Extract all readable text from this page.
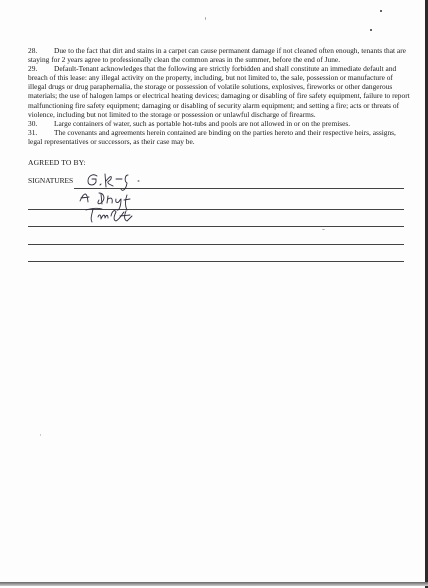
28. Due to the fact that dirt and stains in a carpet can cause permanent damage if not cleaned often enough, tenants that are staying for 2 years agree to professionally clean the common areas in the summer, before the end of June.

29. Default-Tenant acknowledges that the following are strictly forbidden and shall constitute an immediate default and breach of this lease: any illegal activity on the property, including, but not limited to, the sale, possession or manufacture of illegal drugs or drug paraphernalia, the storage or possession of volatile solutions, explosives, fireworks or other dangerous materials; the use of halogen lamps or electrical heating devices; damaging or disabling of fire safety equipment, failure to report malfunctioning fire safety equipment; damaging or disabling of security alarm equipment; and setting a fire; acts or threats of violence, including but not limited to the storage or possession or unlawful discharge of firearms.

30. Large containers of water, such as portable hot-tubs and pools are not allowed in or on the premises.

31. The covenants and agreements herein contained are binding on the parties hereto and their respective heirs, assigns, legal representatives or successors, as their case may be.

AGREED TO BY:
SIGNATURES
